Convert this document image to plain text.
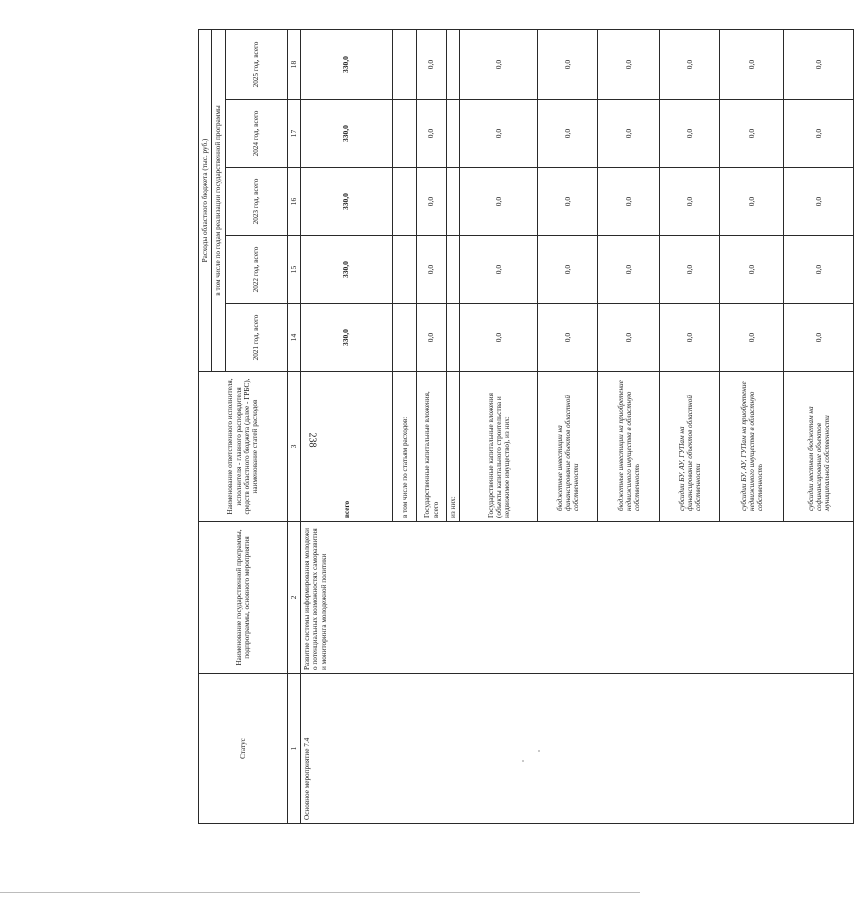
238
Статус	Наименование государственной программы, подпрограммы, основного мероприятия	Наименование ответственного исполнителя, исполнителя - главного распорядителя средств областного бюджета (далее - ГРБС), наименование статей расходов	Расходы областного бюджета (тыс. руб.)				
			в том числе по годам реализации государственной программы				
			2021 год, всего	2022 год, всего	2023 год, всего	2024 год, всего	2025 год, всего
1	2	3	14	15	16	17	18
Основное мероприятие 7.4	Развитие системы информирования молодежи о потенциальных возможностях саморазвития и мониторинга молодежной политики	всего	330,0	330,0	330,0	330,0	330,0
		в том числе по статьям расходов:					
		Государственные капитальные вложения, всего	0,0	0,0	0,0	0,0	0,0
		из них:					
		Государственные капитальные вложения (объекты капитального строительства и недвижимое имущество), из них:	0,0	0,0	0,0	0,0	0,0
		бюджетные инвестиции на финансирование объектов областной собственности	0,0	0,0	0,0	0,0	0,0
		бюджетные инвестиции на приобретение недвижимого имущества в областную собственность	0,0	0,0	0,0	0,0	0,0
		субсидии БУ, АУ, ГУПам на финансирование объектов областной собственности	0,0	0,0	0,0	0,0	0,0
		субсидии БУ, АУ, ГУПам на приобретение недвижимого имущества в областную собственность	0,0	0,0	0,0	0,0	0,0
		субсидии местным бюджетам на софинансирование объектов муниципальной собственности	0,0	0,0	0,0	0,0	0,0
